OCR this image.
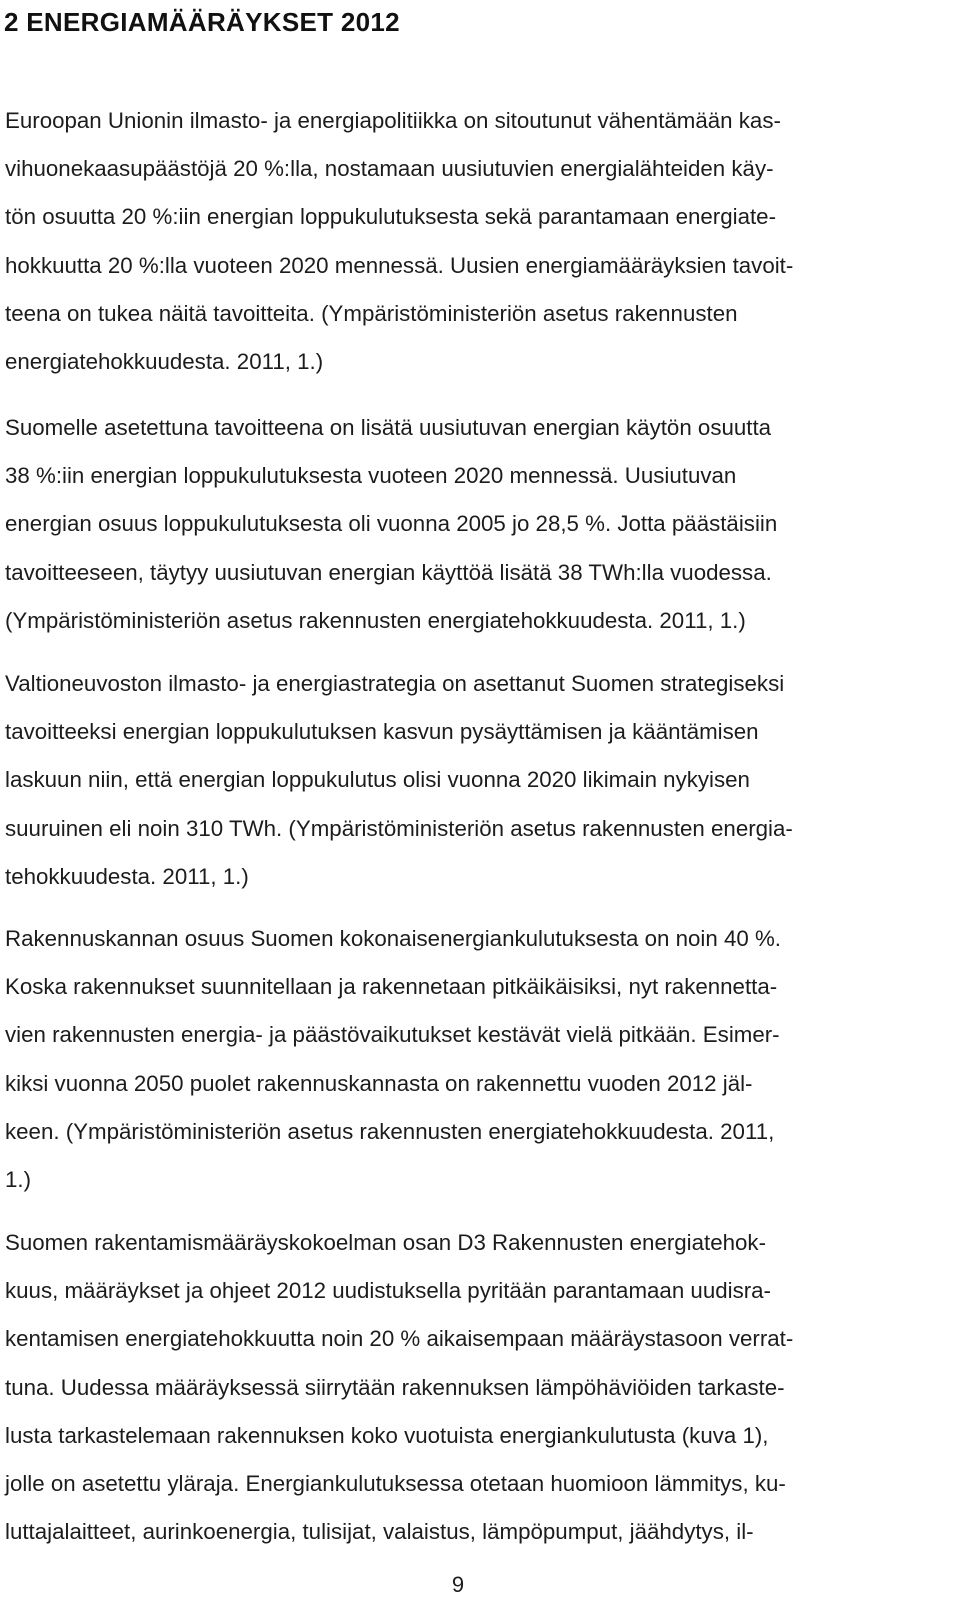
2 ENERGIAMÄÄRÄYKSET 2012
Euroopan Unionin ilmasto- ja energiapolitiikka on sitoutunut vähentämään kas-
vihuonekaasupäästöjä 20 %:lla, nostamaan uusiutuvien energialähteiden käy-
tön osuutta 20 %:iin energian loppukulutuksesta sekä parantamaan energiate-
hokkuutta 20 %:lla vuoteen 2020 mennessä. Uusien energiamääräyksien tavoit-
teena on tukea näitä tavoitteita. (Ympäristöministeriön asetus rakennusten
energiatehokkuudesta. 2011, 1.)
Suomelle asetettuna tavoitteena on lisätä uusiutuvan energian käytön osuutta
38 %:iin energian loppukulutuksesta vuoteen 2020 mennessä. Uusiutuvan
energian osuus loppukulutuksesta oli vuonna 2005 jo 28,5 %. Jotta päästäisiin
tavoitteeseen, täytyy uusiutuvan energian käyttöä lisätä 38 TWh:lla vuodessa.
(Ympäristöministeriön asetus rakennusten energiatehokkuudesta. 2011, 1.)
Valtioneuvoston ilmasto- ja energiastrategia on asettanut Suomen strategiseksi
tavoitteeksi energian loppukulutuksen kasvun pysäyttämisen ja kääntämisen
laskuun niin, että energian loppukulutus olisi vuonna 2020 likimain nykyisen
suuruinen eli noin 310 TWh. (Ympäristöministeriön asetus rakennusten energia-
tehokkuudesta. 2011, 1.)
Rakennuskannan osuus Suomen kokonaisenergiankulutuksesta on noin 40 %.
Koska rakennukset suunnitellaan ja rakennetaan pitkäikäisiksi, nyt rakennetta-
vien rakennusten energia- ja päästövaikutukset kestävät vielä pitkään. Esimer-
kiksi vuonna 2050 puolet rakennuskannasta on rakennettu vuoden 2012 jäl-
keen. (Ympäristöministeriön asetus rakennusten energiatehokkuudesta. 2011,
1.)
Suomen rakentamismääräyskokoelman osan D3 Rakennusten energiatehok-
kuus, määräykset ja ohjeet 2012 uudistuksella pyritään parantamaan uudisra-
kentamisen energiatehokkuutta noin 20 % aikaisempaan määräystasoon verrat-
tuna. Uudessa määräyksessä siirrytään rakennuksen lämpöhäviöiden tarkaste-
lusta tarkastelemaan rakennuksen koko vuotuista energiankulutusta (kuva 1),
jolle on asetettu yläraja. Energiankulutuksessa otetaan huomioon lämmitys, ku-
luttajalaitteet, aurinkoenergia, tulisijat, valaistus, lämpöpumput, jäähdytys, il-
9
